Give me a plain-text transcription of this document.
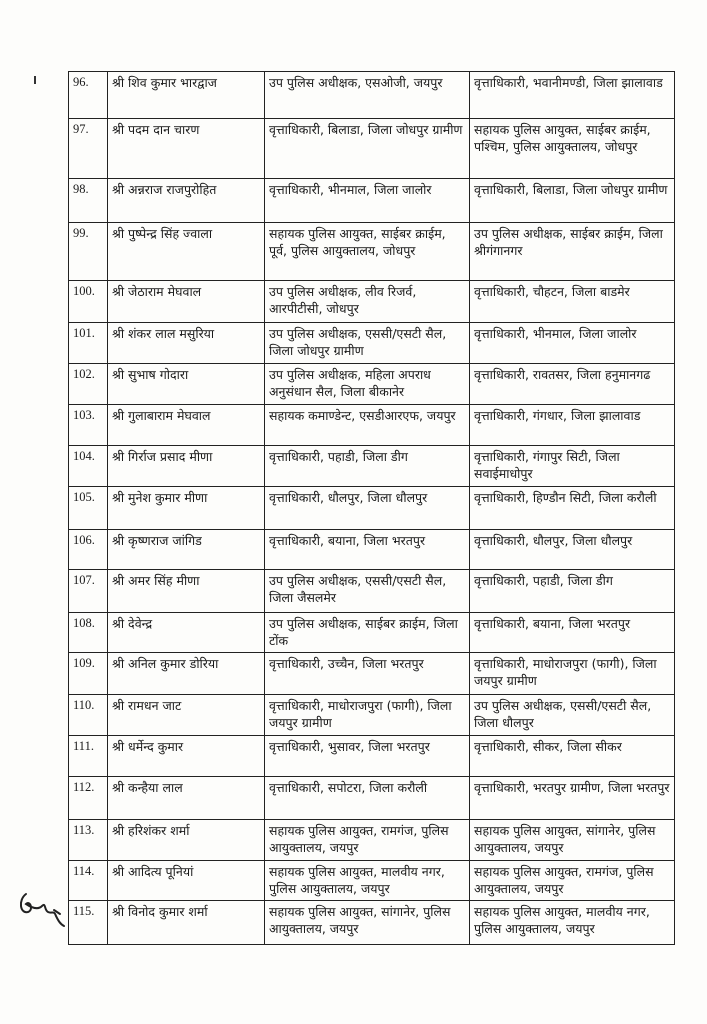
96.	श्री शिव कुमार भारद्वाज	उप पुलिस अधीक्षक, एसओजी, जयपुर	वृत्ताधिकारी, भवानीमण्डी, जिला झालावाड
97.	श्री पदम दान चारण	वृत्ताधिकारी, बिलाडा, जिला जोधपुर ग्रामीण	सहायक पुलिस आयुक्त, साईबर क्राईम, पश्चिम, पुलिस आयुक्तालय, जोधपुर
98.	श्री अन्नराज राजपुरोहित	वृत्ताधिकारी, भीनमाल, जिला जालोर	वृत्ताधिकारी, बिलाडा, जिला जोधपुर ग्रामीण
99.	श्री पुष्पेन्द्र सिंह ज्वाला	सहायक पुलिस आयुक्त, साईबर क्राईम, पूर्व, पुलिस आयुक्तालय, जोधपुर	उप पुलिस अधीक्षक, साईबर क्राईम, जिला श्रीगंगानगर
100.	श्री जेठाराम मेघवाल	उप पुलिस अधीक्षक, लीव रिजर्व, आरपीटीसी, जोधपुर	वृत्ताधिकारी, चौहटन, जिला बाडमेर
101.	श्री शंकर लाल मसुरिया	उप पुलिस अधीक्षक, एससी/एसटी सैल, जिला जोधपुर ग्रामीण	वृत्ताधिकारी, भीनमाल, जिला जालोर
102.	श्री सुभाष गोदारा	उप पुलिस अधीक्षक, महिला अपराध अनुसंधान सैल, जिला बीकानेर	वृत्ताधिकारी, रावतसर, जिला हनुमानगढ
103.	श्री गुलाबाराम मेघवाल	सहायक कमाण्डेन्ट, एसडीआरएफ, जयपुर	वृत्ताधिकारी, गंगधार, जिला झालावाड
104.	श्री गिर्राज प्रसाद मीणा	वृत्ताधिकारी, पहाडी, जिला डीग	वृत्ताधिकारी, गंगापुर सिटी, जिला सवाईमाधोपुर
105.	श्री मुनेश कुमार मीणा	वृत्ताधिकारी, धौलपुर, जिला धौलपुर	वृत्ताधिकारी, हिण्डौन सिटी, जिला करौली
106.	श्री कृष्णराज जांगिड	वृत्ताधिकारी, बयाना, जिला भरतपुर	वृत्ताधिकारी, धौलपुर, जिला धौलपुर
107.	श्री अमर सिंह मीणा	उप पुलिस अधीक्षक, एससी/एसटी सैल, जिला जैसलमेर	वृत्ताधिकारी, पहाडी, जिला डीग
108.	श्री देवेन्द्र	उप पुलिस अधीक्षक, साईबर क्राईम, जिला टोंक	वृत्ताधिकारी, बयाना, जिला भरतपुर
109.	श्री अनिल कुमार डोरिया	वृत्ताधिकारी, उच्चैन, जिला भरतपुर	वृत्ताधिकारी, माधोराजपुरा (फागी), जिला जयपुर ग्रामीण
110.	श्री रामधन जाट	वृत्ताधिकारी, माधोराजपुरा (फागी), जिला जयपुर ग्रामीण	उप पुलिस अधीक्षक, एससी/एसटी सैल, जिला धौलपुर
111.	श्री धर्मेन्द कुमार	वृत्ताधिकारी, भुसावर, जिला भरतपुर	वृत्ताधिकारी, सीकर, जिला सीकर
112.	श्री कन्हैया लाल	वृत्ताधिकारी, सपोटरा, जिला करौली	वृत्ताधिकारी, भरतपुर ग्रामीण, जिला भरतपुर
113.	श्री हरिशंकर शर्मा	सहायक पुलिस आयुक्त, रामगंज, पुलिस आयुक्तालय, जयपुर	सहायक पुलिस आयुक्त, सांगानेर, पुलिस आयुक्तालय, जयपुर
114.	श्री आदित्य पूनियां	सहायक पुलिस आयुक्त, मालवीय नगर, पुलिस आयुक्तालय, जयपुर	सहायक पुलिस आयुक्त, रामगंज, पुलिस आयुक्तालय, जयपुर
115.	श्री विनोद कुमार शर्मा	सहायक पुलिस आयुक्त, सांगानेर, पुलिस आयुक्तालय, जयपुर	सहायक पुलिस आयुक्त, मालवीय नगर, पुलिस आयुक्तालय, जयपुर
